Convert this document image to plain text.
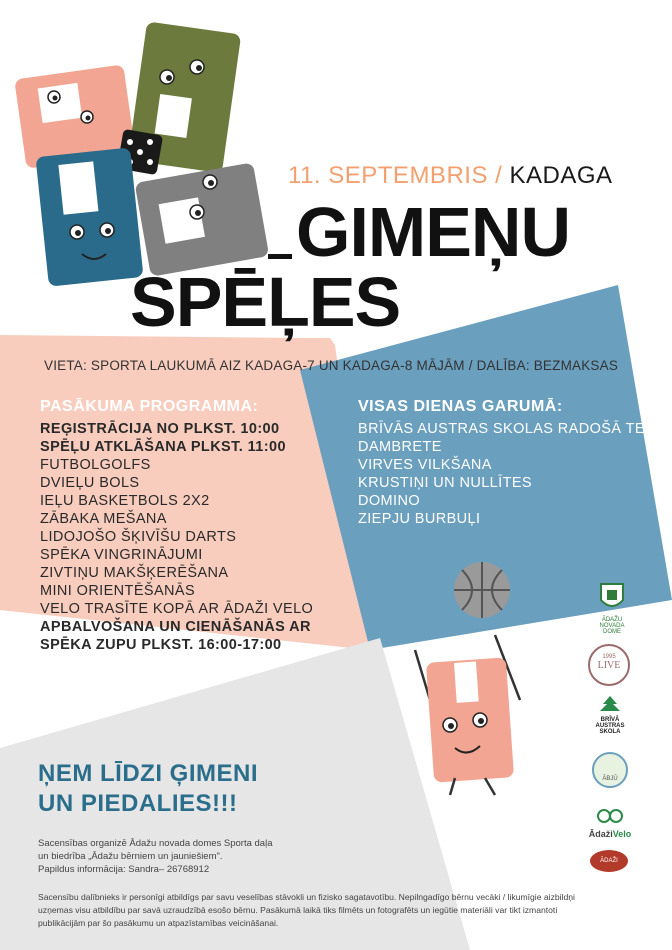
11. SEPTEMBRIS / KADAGA
GIMEŅU
SPĒĻES
VIETA: SPORTA LAUKUMĀ AIZ KADAGA-7 UN KADAGA-8 MĀJĀM / DALĪBA: BEZMAKSAS
PASĀKUMA PROGRAMMA:
REĢISTRĀCIJA NO PLKST. 10:00
SPĒĻU ATKLĀŠANA PLKST. 11:00
FUTBOLGOLFS
DVIEĻU BOLS
IEĻU BASKETBOLS 2X2
ZĀBAKA MEŠANA
LIDOJOŠO ŠĶIVĪŠU DARTS
SPĒKA VINGRINĀJUMI
ZIVTIŅU MAKŠĶERĒŠANA
MINI ORIENTĒŠANĀS
VELO TRASĪTE KOPĀ AR ĀDAŽI VELO
APBALVOŠANA UN CIENĀŠANĀS AR
SPĒKA ZUPU PLKST. 16:00-17:00
VISAS DIENAS GARUMĀ:
BRĪVĀS AUSTRAS SKOLAS RADOŠĀ TELTS
DAMBRETE
VIRVES VILKŠANA
KRUSTIŅI UN NULLĪTES
DOMINO
ZIEPJU BURBUĻI
ŅEM LĪDZI ĢIMENI
UN PIEDALIES!!!
Sacensības organizē Ādažu novada domes Sporta daļa
un biedrība „Ādažu bērniem un jauniešiem".
Papildus informācija: Sandra– 26768912
Sacensību dalībnieks ir personīgi atbildīgs par savu veselības stāvokli un fizisko sagatavotību. Nepilngadīgo bērnu vecāki / likumīgie aizbildņi
uzņemas visu atbildību par savā uzraudzībā esošo bērnu. Pasākumā laikā tiks filmēts un fotografēts un iegūtie materiāli var tikt izmantoti
publikācijām par šo pasākumu un atpazīstamības veicināšanai.
ĀDAŽU
NOVADA
DOME
1995
LIVE
BRĪVĀ
AUSTRAS
SKOLA
ĀBJŪ
ĀdažiVelo
ĀDAŽI
